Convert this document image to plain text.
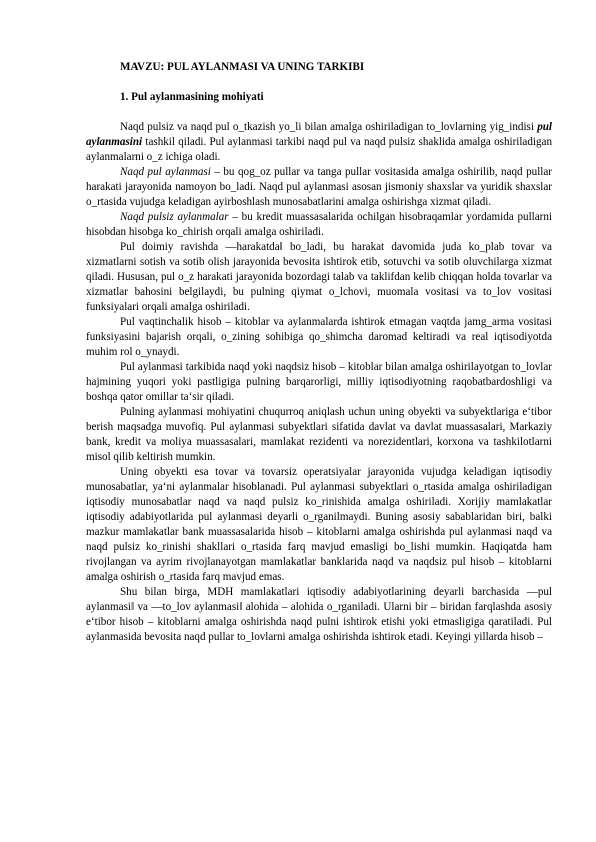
MAVZU: PUL AYLANMASI VA UNING TARKIBI

1. Pul aylanmasining mohiyati

Naqd pulsiz va naqd pul o_tkazish yo_li bilan amalga oshiriladigan to_lovlarning yig_indisi pul aylanmasini tashkil qiladi. Pul aylanmasi tarkibi naqd pul va naqd pulsiz shaklida amalga oshiriladigan aylanmalarni o_z ichiga oladi.

Naqd pul aylanmasi – bu qog_oz pullar va tanga pullar vositasida amalga oshirilib, naqd pullar harakati jarayonida namoyon bo_ladi. Naqd pul aylanmasi asosan jismoniy shaxslar va yuridik shaxslar o_rtasida vujudga keladigan ayirboshlash munosabatlarini amalga oshirishga xizmat qiladi.

Naqd pulsiz aylanmalar – bu kredit muassasalarida ochilgan hisobraqamlar yordamida pullarni hisobdan hisobga ko_chirish orqali amalga oshiriladi.

Pul doimiy ravishda ―harakatda‖ bo_ladi, bu harakat davomida juda ko_plab tovar va xizmatlarni sotish va sotib olish jarayonida bevosita ishtirok etib, sotuvchi va sotib oluvchilarga xizmat qiladi. Hususan, pul o_z harakati jarayonida bozordagi talab va taklifdan kelib chiqqan holda tovarlar va xizmatlar bahosini belgilaydi, bu pulning qiymat o_lchovi, muomala vositasi va to_lov vositasi funksiyalari orqali amalga oshiriladi.

Pul vaqtinchalik hisob – kitoblar va aylanmalarda ishtirok etmagan vaqtda jamg_arma vositasi funksiyasini bajarish orqali, o_zining sohibiga qo_shimcha daromad keltiradi va real iqtisodiyotda muhim rol o_ynaydi.

Pul aylanmasi tarkibida naqd yoki naqdsiz hisob – kitoblar bilan amalga oshirilayotgan to_lovlar hajmining yuqori yoki pastligiga pulning barqarorligi, milliy iqtisodiyotning raqobatbardoshligi va boshqa qator omillar ta‘sir qiladi.

Pulning aylanmasi mohiyatini chuqurroq aniqlash uchun uning obyekti va subyektlariga e‘tibor berish maqsadga muvofiq. Pul aylanmasi subyektlari sifatida davlat va davlat muassasalari, Markaziy bank, kredit va moliya muassasalari, mamlakat rezidenti va norezidentlari, korxona va tashkilotlarni misol qilib keltirish mumkin.

Uning obyekti esa tovar va tovarsiz operatsiyalar jarayonida vujudga keladigan iqtisodiy munosabatlar, ya‘ni aylanmalar hisoblanadi. Pul aylanmasi subyektlari o_rtasida amalga oshiriladigan iqtisodiy munosabatlar naqd va naqd pulsiz ko_rinishida amalga oshiriladi. Xorijiy mamlakatlar iqtisodiy adabiyotlarida pul aylanmasi deyarli o_rganilmaydi. Buning asosiy sabablaridan biri, balki mazkur mamlakatlar bank muassasalarida hisob – kitoblarni amalga oshirishda pul aylanmasi naqd va naqd pulsiz ko_rinishi shakllari o_rtasida farq mavjud emasligi bo_lishi mumkin. Haqiqatda ham rivojlangan va ayrim rivojlanayotgan mamlakatlar banklarida naqd va naqdsiz pul hisob – kitoblarni amalga oshirish o_rtasida farq mavjud emas.

Shu bilan birga, MDH mamlakatlari iqtisodiy adabiyotlarining deyarli barchasida ―pul aylanmasi‖ va ―to_lov aylanmasi‖ alohida – alohida o_rganiladi. Ularni bir – biridan farqlashda asosiy e‘tibor hisob – kitoblarni amalga oshirishda naqd pulni ishtirok etishi yoki etmasligiga qaratiladi. Pul aylanmasida bevosita naqd pullar to_lovlarni amalga oshirishda ishtirok etadi. Keyingi yillarda hisob –
